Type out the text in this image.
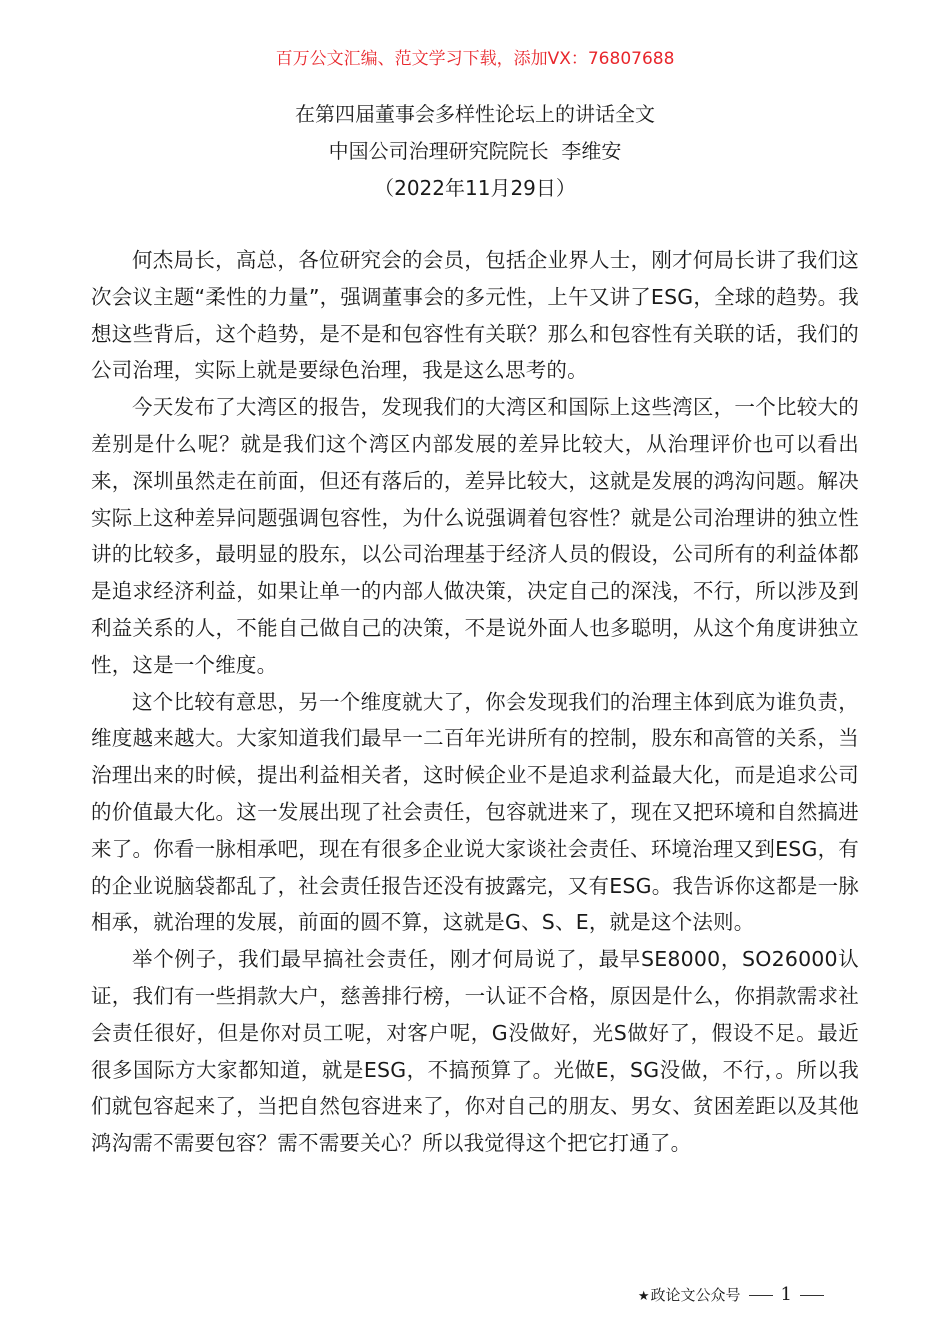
百万公文汇编、范文学习下载，添加VX：76807688
在第四届董事会多样性论坛上的讲话全文
中国公司治理研究院院长  李维安
（2022年11月29日）

何杰局长，高总，各位研究会的会员，包括企业界人士，刚才何局长讲了我们这次会议主题“柔性的力量”，强调董事会的多元性，上午又讲了ESG，全球的趋势。我想这些背后，这个趋势，是不是和包容性有关联？那么和包容性有关联的话，我们的公司治理，实际上就是要绿色治理，我是这么思考的。

今天发布了大湾区的报告，发现我们的大湾区和国际上这些湾区，一个比较大的差别是什么呢？就是我们这个湾区内部发展的差异比较大，从治理评价也可以看出来，深圳虽然走在前面，但还有落后的，差异比较大，这就是发展的鸿沟问题。解决实际上这种差异问题强调包容性，为什么说强调着包容性？就是公司治理讲的独立性讲的比较多，最明显的股东，以公司治理基于经济人员的假设，公司所有的利益体都是追求经济利益，如果让单一的内部人做决策，决定自己的深浅，不行，所以涉及到利益关系的人，不能自己做自己的决策，不是说外面人也多聪明，从这个角度讲独立性，这是一个维度。

这个比较有意思，另一个维度就大了，你会发现我们的治理主体到底为谁负责，维度越来越大。大家知道我们最早一二百年光讲所有的控制，股东和高管的关系，当治理出来的时候，提出利益相关者，这时候企业不是追求利益最大化，而是追求公司的价值最大化。这一发展出现了社会责任，包容就进来了，现在又把环境和自然搞进来了。你看一脉相承吧，现在有很多企业说大家谈社会责任、环境治理又到ESG，有的企业说脑袋都乱了，社会责任报告还没有披露完，又有ESG。我告诉你这都是一脉相承，就治理的发展，前面的圆不算，这就是G、S、E，就是这个法则。

举个例子，我们最早搞社会责任，刚才何局说了，最早SE8000，SO26000认证，我们有一些捐款大户，慈善排行榜，一认证不合格，原因是什么，你捐款需求社会责任很好，但是你对员工呢，对客户呢，G没做好，光S做好了，假设不足。最近很多国际方大家都知道，就是ESG，不搞预算了。光做E，SG没做，不行，。所以我们就包容起来了，当把自然包容进来了，你对自己的朋友、男女、贫困差距以及其他鸿沟需不需要包容？需不需要关心？所以我觉得这个把它打通了。

★政论文公众号 1
